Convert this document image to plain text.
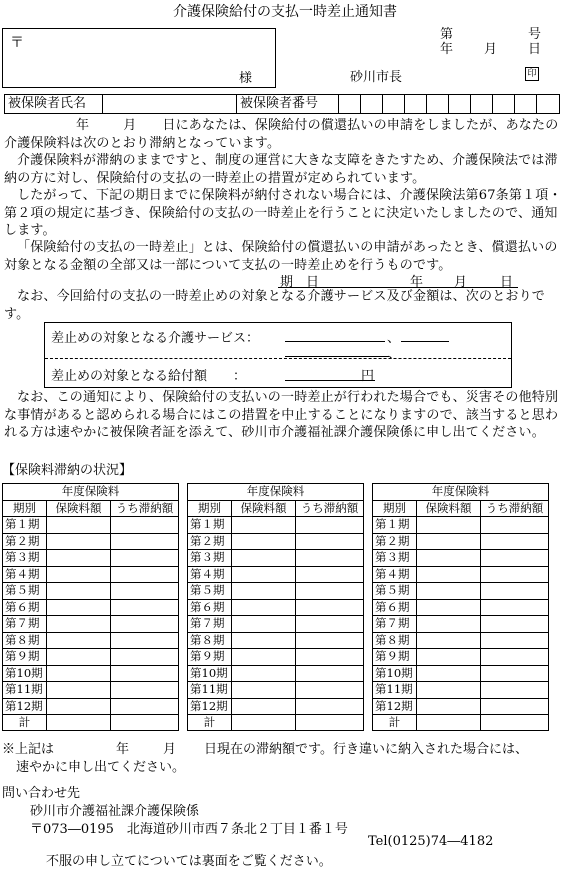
介護保険給付の支払一時差止通知書
第	号
年 月 日
〒
様	砂川市長	印
被保険者氏名	被保険者番号
年	月 日にあなたは、保険給付の償還払いの申請をしましたが、あなたの介護保険料は次のとおり滞納となっています。
介護保険料が滞納のままですと、制度の運営に大きな支障をきたすため、介護保険法では滞納の方に対し、保険給付の支払の一時差止の措置が定められています。
したがって、下記の期日までに保険料が納付されない場合には、介護保険法第67条第１項・第２項の規定に基づき、保険給付の支払の一時差止を行うことに決定いたしましたので、通知します。
「保険給付の支払の一時差止」とは、保険給付の償還払いの申請があったとき、償還払いの対象となる金額の全部又は一部について支払の一時差止めを行うものです。
期　日	年 月	日
なお、今回給付の支払の一時差止めの対象となる介護サービス及び金額は、次のとおりです。
差止めの対象となる介護サービス：	、
、
差止めの対象となる給付額　　：	円
なお、この通知により、保険給付の支払いの一時差止が行われた場合でも、災害その他特別な事情があると認められる場合にはこの措置を中止することになりますので、該当すると思われる方は速やかに被保険者証を添えて、砂川市介護福祉課介護保険係に申し出てください。
【保険料滞納の状況】
年度保険料		
期別	保険料額	うち滞納額
第１期		
第２期		
第３期		
第４期		
第５期		
第６期		
第７期		
第８期		
第９期		
第10期		
第11期		
第12期		
計		
年度保険料		
期別	保険料額	うち滞納額
第１期		
第２期		
第３期		
第４期		
第５期		
第６期		
第７期		
第８期		
第９期		
第10期		
第11期		
第12期		
計		
年度保険料		
期別	保険料額	うち滞納額
第１期		
第２期		
第３期		
第４期		
第５期		
第６期		
第７期		
第８期		
第９期		
第10期		
第11期		
第12期		
計		
※上記は	年	月 日現在の滞納額です。行き違いに納入された場合には、
速やかに申し出てください。
問い合わせ先
砂川市介護福祉課介護保険係
〒073―0195　北海道砂川市西７条北２丁目１番１号
Tel(0125)74―4182
不服の申し立てについては裏面をご覧ください。
